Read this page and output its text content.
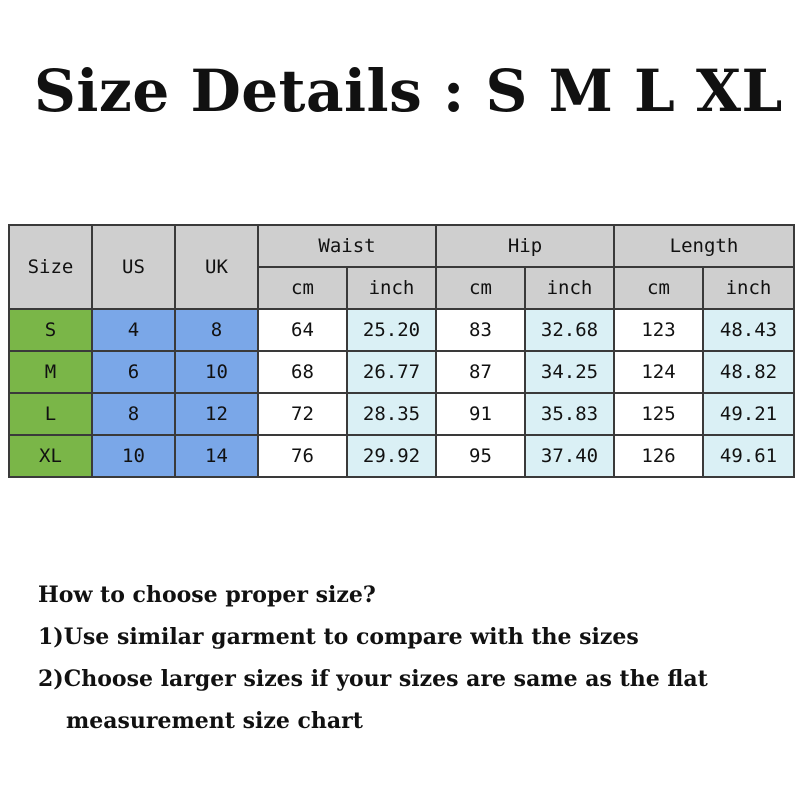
Size Details : S M L XL
Size	US	UK	Waist		Hip		Length	
			cm	inch	cm	inch	cm	inch
S	4	8	64	25.20	83	32.68	123	48.43
M	6	10	68	26.77	87	34.25	124	48.82
L	8	12	72	28.35	91	35.83	125	49.21
XL	10	14	76	29.92	95	37.40	126	49.61
How to choose proper size?
1)Use similar garment to compare with the sizes
2)Choose larger sizes if your sizes are same as the flat
measurement size chart
